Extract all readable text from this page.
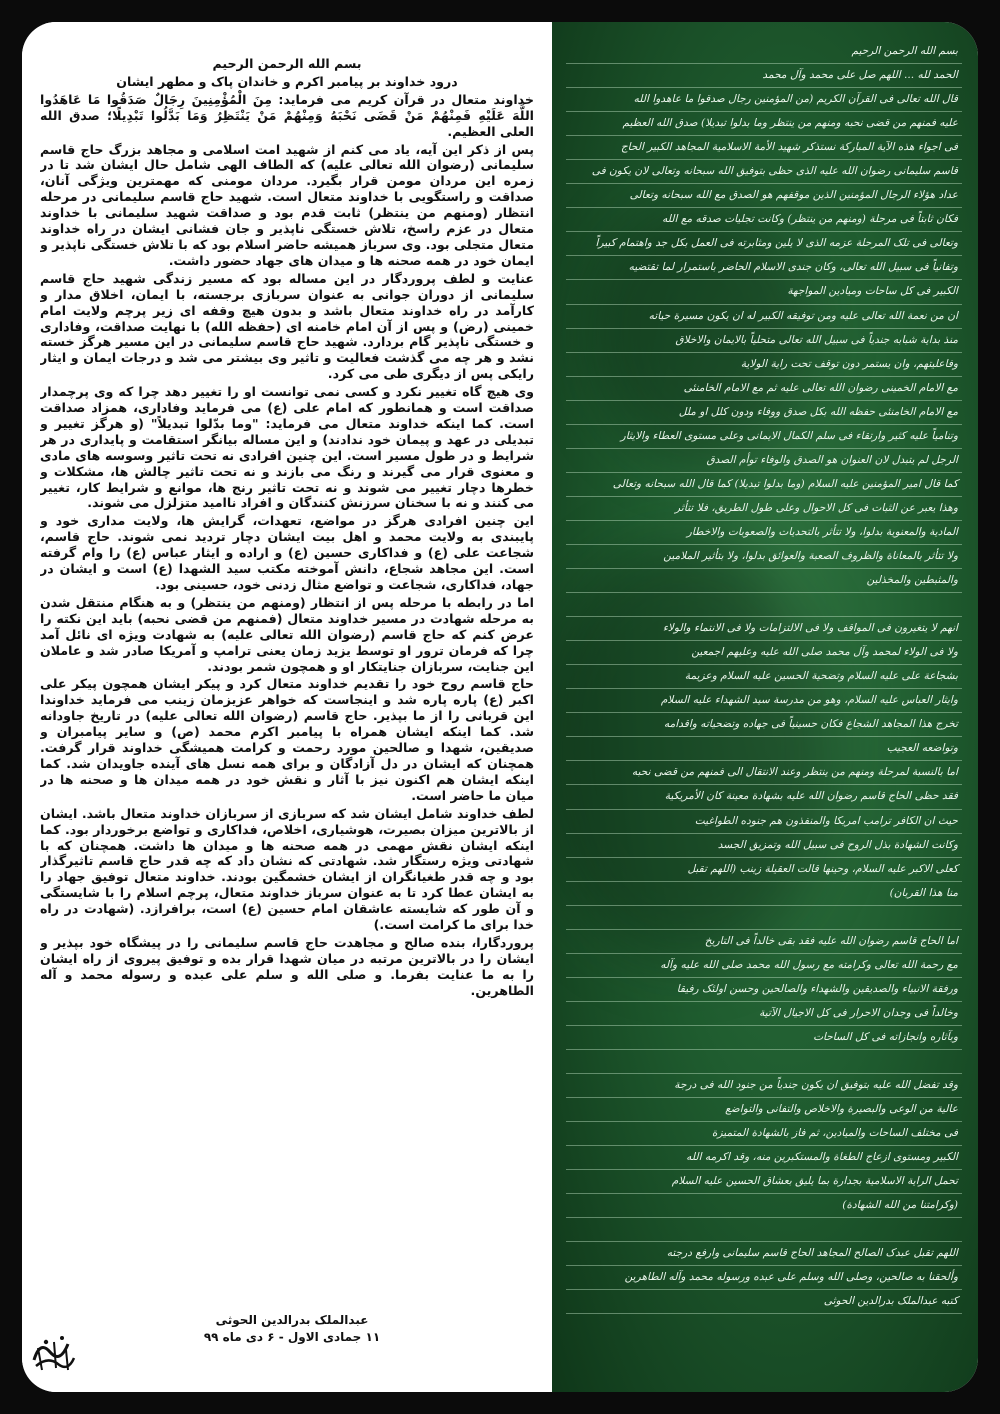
بسم الله الرحمن الرحیم

درود خداوند بر پیامبر اکرم و خاندان پاک و مطهر ایشان

خداوند متعال در قرآن کریم می فرماید: مِنَ الْمُؤْمِنِينَ رِجَالٌ صَدَقُوا مَا عَاهَدُوا اللَّهَ عَلَيْهِ فَمِنْهُمْ مَنْ قَضَى نَحْبَهُ وَمِنْهُمْ مَنْ يَنْتَظِرُ وَمَا بَدَّلُوا تَبْدِيلًا؛ صدق الله العلی العظیم.

پس از ذکر این آیه، یاد می کنم از شهید امت اسلامی و مجاهد بزرگ حاج قاسم سلیمانی (رضوان الله تعالی علیه) که الطاف الهی شامل حال ایشان شد تا در زمره این مردان مومن قرار بگیرد. مردان مومنی که مهمترین ویژگی آنان، صداقت و راستگویی با خداوند متعال است. شهید حاج قاسم سلیمانی در مرحله انتظار (ومنهم من ینتظر) ثابت قدم بود و صداقت شهید سلیمانی با خداوند متعال در عزم راسخ، تلاش خستگی ناپذیر و جان فشانی ایشان در راه خداوند متعال متجلی بود. وی سرباز همیشه حاضر اسلام بود که با تلاش خستگی ناپذیر و ایمان خود در همه صحنه ها و میدان های جهاد حضور داشت.

عنایت و لطف پروردگار در این مساله بود که مسیر زندگی شهید حاج قاسم سلیمانی از دوران جوانی به عنوان سربازی برجسته، با ایمان، اخلاق مدار و کارآمد در راه خداوند متعال باشد و بدون هیچ وقفه ای زیر پرچم ولایت امام خمینی (رض) و پس از آن امام خامنه ای (حفظه الله) با نهایت صداقت، وفاداری و خستگی ناپذیر گام بردارد. شهید حاج قاسم سلیمانی در این مسیر هرگز خسته نشد و هر چه می گذشت فعالیت و تاثیر وی بیشتر می شد و درجات ایمان و ایثار رایکی پس از دیگری طی می کرد.

وی هیچ گاه تغییر نکرد و کسی نمی توانست او را تغییر دهد چرا که وی پرچمدار صداقت است و همانطور که امام علی (ع) می فرماید وفاداری، همزاد صداقت است. کما اینکه خداوند متعال می فرماید: "وما بدّلوا تبدیلاً" (و هرگز تغییر و تبدیلی در عهد و پیمان خود ندادند) و این مساله بیانگر استقامت و پایداری در هر شرایط و در طول مسیر است. این چنین افرادی نه تحت تاثیر وسوسه های مادی و معنوی قرار می گیرند و رنگ می بازند و نه تحت تاثیر چالش ها، مشکلات و خطرها دچار تغییر می شوند و نه تحت تاثیر رنج ها، موانع و شرایط کار، تغییر می کنند و نه با سخنان سرزنش کنندگان و افراد ناامید متزلزل می شوند.

این چنین افرادی هرگز در مواضع، تعهدات، گرایش ها، ولایت مداری خود و پایبندی به ولایت محمد و اهل بیت ایشان دچار تردید نمی شوند. حاج قاسم، شجاعت علی (ع) و فداکاری حسین (ع) و اراده و ایثار عباس (ع) را وام گرفته است. این مجاهد شجاع، دانش آموخته مکتب سید الشهدا (ع) است و ایشان در جهاد، فداکاری، شجاعت و تواضع مثال زدنی خود، حسینی بود.

اما در رابطه با مرحله پس از انتظار (ومنهم من ینتظر) و به هنگام منتقل شدن به مرحله شهادت در مسیر خداوند متعال (فمنهم من قضی نحبه) باید این نکته را عرض کنم که حاج قاسم (رضوان الله تعالی علیه) به شهادت ویژه ای نائل آمد چرا که فرمان ترور او توسط یزید زمان یعنی ترامپ و آمریکا صادر شد و عاملان این جنایت، سربازان جنایتکار او و همچون شمر بودند.

حاج قاسم روح خود را تقدیم خداوند متعال کرد و پیکر ایشان همچون پیکر علی اکبر (ع) پاره پاره شد و اینجاست که خواهر عزیزمان زینب می فرماید خداوندا این قربانی را از ما بپذیر. حاج قاسم (رضوان الله تعالی علیه) در تاریخ جاودانه شد. کما اینکه ایشان همراه با پیامبر اکرم محمد (ص) و سایر پیامبران و صدیقین، شهدا و صالحین مورد رحمت و کرامت همیشگی خداوند قرار گرفت. همچنان که ایشان در دل آزادگان و برای همه نسل های آینده جاویدان شد. کما اینکه ایشان هم اکنون نیز با آثار و نقش خود در همه میدان ها و صحنه ها در میان ما حاضر است.

لطف خداوند شامل ایشان شد که سربازی از سربازان خداوند متعال باشد. ایشان از بالاترین میزان بصیرت، هوشیاری، اخلاص، فداکاری و تواضع برخوردار بود. کما اینکه ایشان نقش مهمی در همه صحنه ها و میدان ها داشت. همچنان که با شهادتی ویژه رستگار شد. شهادتی که نشان داد که چه قدر حاج قاسم تاثیرگذار بود و چه قدر طغیانگران از ایشان خشمگین بودند. خداوند متعال توفیق جهاد را به ایشان عطا کرد تا به عنوان سرباز خداوند متعال، پرچم اسلام را با شایستگی و آن طور که شایسته عاشقان امام حسین (ع) است، برافرازد. (شهادت در راه خدا برای ما کرامت است.)

پروردگارا، بنده صالح و مجاهدت حاج قاسم سلیمانی را در پیشگاه خود بپذیر و ایشان را در بالاترین مرتبه در میان شهدا قرار بده و توفیق پیروی از راه ایشان را به ما عنایت بفرما. و صلی الله و سلم علی عبده و رسوله محمد و آله الطاهرین.

عبدالملک بدرالدین الحوثی
۱۱ جمادی الاول - ۶ دی ماه ۹۹
بسم الله الرحمن الرحیم
الحمد لله ... اللهم صل علی محمد وآل محمد
قال الله تعالی فی القرآن الکریم (من المؤمنین رجال صدقوا ما عاهدوا الله
علیه فمنهم من قضی نحبه ومنهم من ینتظر وما بدلوا تبدیلا) صدق الله العظیم
فی اجواء هذه الآیة المبارکة نستذکر شهید الأمة الاسلامیة المجاهد الکبیر الحاج
قاسم سلیمانی رضوان الله علیه الذی حظی بتوفیق الله سبحانه وتعالی لان یکون فی
عداد هؤلاء الرجال المؤمنین الذین موقفهم هو الصدق مع الله سبحانه وتعالی
فکان ثابتاً فی مرحلة (ومنهم من ینتظر) وکانت تجلیات صدقه مع الله
وتعالی فی تلک المرحلة عزمه الذی لا یلین ومثابرته فی العمل بکل جد واهتمام کبیراً
وتفانیاً فی سبیل الله تعالی، وکان جندی الاسلام الحاضر باستمرار لما تقتضیه
الکبیر فی کل ساحات ومیادین المواجهة
ان من نعمة الله تعالی علیه ومن توفیقه الکبیر له ان یکون مسیرة حیاته
منذ بدایة شبابه جندیاً فی سبیل الله تعالی متحلیاً بالایمان والاخلاق
وفاعلیتهم، وان یستمر دون توقف تحت رایة الولایة
مع الامام الخمینی رضوان الله تعالی علیه ثم مع الامام الخامنئی
مع الامام الخامنئی حفظه الله بکل صدق ووفاء ودون کلل او ملل
وتنامیاً علیه کثیر وارتقاء فی سلم الکمال الایمانی وعلی مستوی العطاء والایثار
الرجل لم یتبدل لان العنوان هو الصدق والوفاء توأم الصدق
کما قال امیر المؤمنین علیه السلام (وما بدلوا تبدیلا) کما قال الله سبحانه وتعالی
وهذا یعبر عن الثبات فی کل الاحوال وعلی طول الطریق، فلا تتأثر
المادیة والمعنویة بدلوا، ولا تتأثر بالتحدیات والصعوبات والاخطار
ولا تتأثر بالمعاناة والظروف الصعبة والعوائق بدلوا، ولا بتأثیر الملامین
والمثبطین والمخذلین
انهم لا یتغیرون فی المواقف ولا فی الالتزامات ولا فی الانتماء والولاء
ولا فی الولاء لمحمد وآل محمد صلی الله علیه وعلیهم اجمعین
بشجاعة علی علیه السلام وتضحیة الحسین علیه السلام وعزیمة
وایثار العباس علیه السلام، وهو من مدرسة سید الشهداء علیه السلام
تخرج هذا المجاهد الشجاع فکان حسینیاً فی جهاده وتضحیاته واقدامه
وتواضعه العجیب
اما بالنسبة لمرحلة ومنهم من ینتظر وعند الانتقال الی فمنهم من قضی نحبه
فقد حظی الحاج قاسم رضوان الله علیه بشهادة معینة کان الأمریکیة
حیث ان الکافر ترامب امریکا والمنفذون هم جنوده الطواغیت
وکانت الشهادة بذل الروح فی سبیل الله وتمزیق الجسد
کعلی الاکبر علیه السلام، وحینها قالت العقیلة زینب (اللهم تقبل
منا هذا القربان)
اما الحاج قاسم رضوان الله علیه فقد بقی خالداً فی التاریخ
مع رحمة الله تعالی وکرامته مع رسول الله محمد صلی الله علیه وآله
ورفقة الانبیاء والصدیقین والشهداء والصالحین وحسن اولئک رفیقا
وخالداً فی وجدان الاحرار فی کل الاجیال الآتیة
وبآثاره وانجازاته فی کل الساحات
وقد تفضل الله علیه بتوفیق ان یکون جندیاً من جنود الله فی درجة
عالیة من الوعی والبصیرة والاخلاص والتفانی والتواضع
فی مختلف الساحات والمیادین، ثم فاز بالشهادة المتمیزة
الکبیر ومستوی ازعاج الطغاة والمستکبرین منه، وقد اکرمه الله
تحمل الرایة الاسلامیة بجدارة بما یلیق بعشاق الحسین علیه السلام
(وکرامتنا من الله الشهادة)
اللهم تقبل عبدک الصالح المجاهد الحاج قاسم سلیمانی وارفع درجته
وألحقنا به صالحین، وصلی الله وسلم علی عبده ورسوله محمد وآله الطاهرین
کتبه عبدالملک بدرالدین الحوثی
